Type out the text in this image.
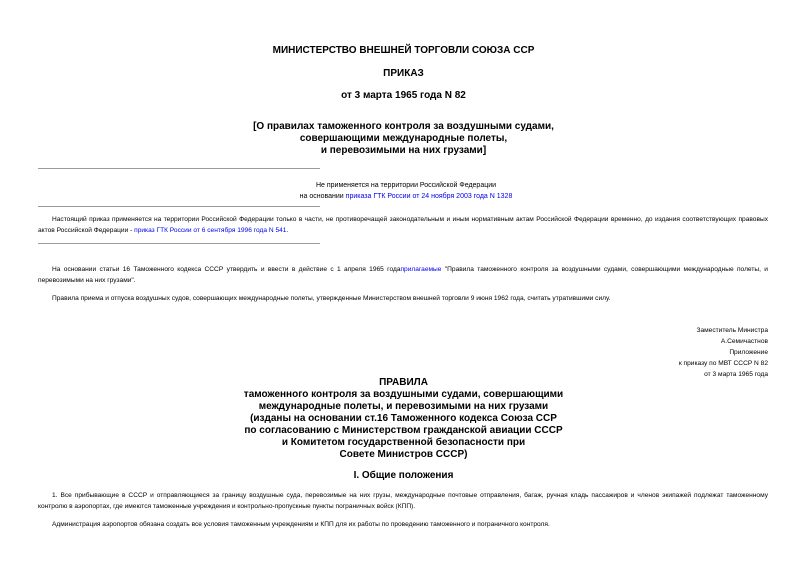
МИНИСТЕРСТВО ВНЕШНЕЙ ТОРГОВЛИ СОЮЗА ССР
ПРИКАЗ
от 3 марта 1965 года N 82
[О правилах таможенного контроля за воздушными судами,
совершающими международные полеты,
и перевозимыми на них грузами]
Не применяется на территории Российской Федерации
на основании приказа ГТК России от 24 ноября 2003 года N 1328

Настоящий приказ применяется на территории Российской Федерации только в части, не противоречащей законодательным и иным нормативным актам Российской Федерации временно, до издания соответствующих правовых актов Российской Федерации - приказ ГТК России от 6 сентября 1996 года N 541.

На основании статьи 16 Таможенного кодекса СССР утвердить и ввести в действие с 1 апреля 1965 годаприлагаемые "Правила таможенного контроля за воздушными судами, совершающими международные полеты, и перевозимыми на них грузами".

Правила приема и отпуска воздушных судов, совершающих международные полеты, утвержденные Министерством внешней торговли 9 июня 1962 года, считать утратившими силу.
Заместитель Министра
А.Семичастнов
Приложение
к приказу по МВТ СССР N 82
от 3 марта 1965 года
ПРАВИЛА
таможенного контроля за воздушными судами, совершающими
международные полеты, и перевозимыми на них грузами
(изданы на основании ст.16 Таможенного кодекса Союза ССР
по согласованию с Министерством гражданской авиации СССР
и Комитетом государственной безопасности при
Совете Министров СССР)
I. Общие положения

1. Все прибывающие в СССР и отправляющиеся за границу воздушные суда, перевозимые на них грузы, международные почтовые отправления, багаж, ручная кладь пассажиров и членов экипажей подлежат таможенному контролю в аэропортах, где имеются таможенные учреждения и контрольно-пропускные пункты пограничных войск (КПП).

Администрация аэропортов обязана создать все условия таможенным учреждениям и КПП для их работы по проведению таможенного и пограничного контроля.
